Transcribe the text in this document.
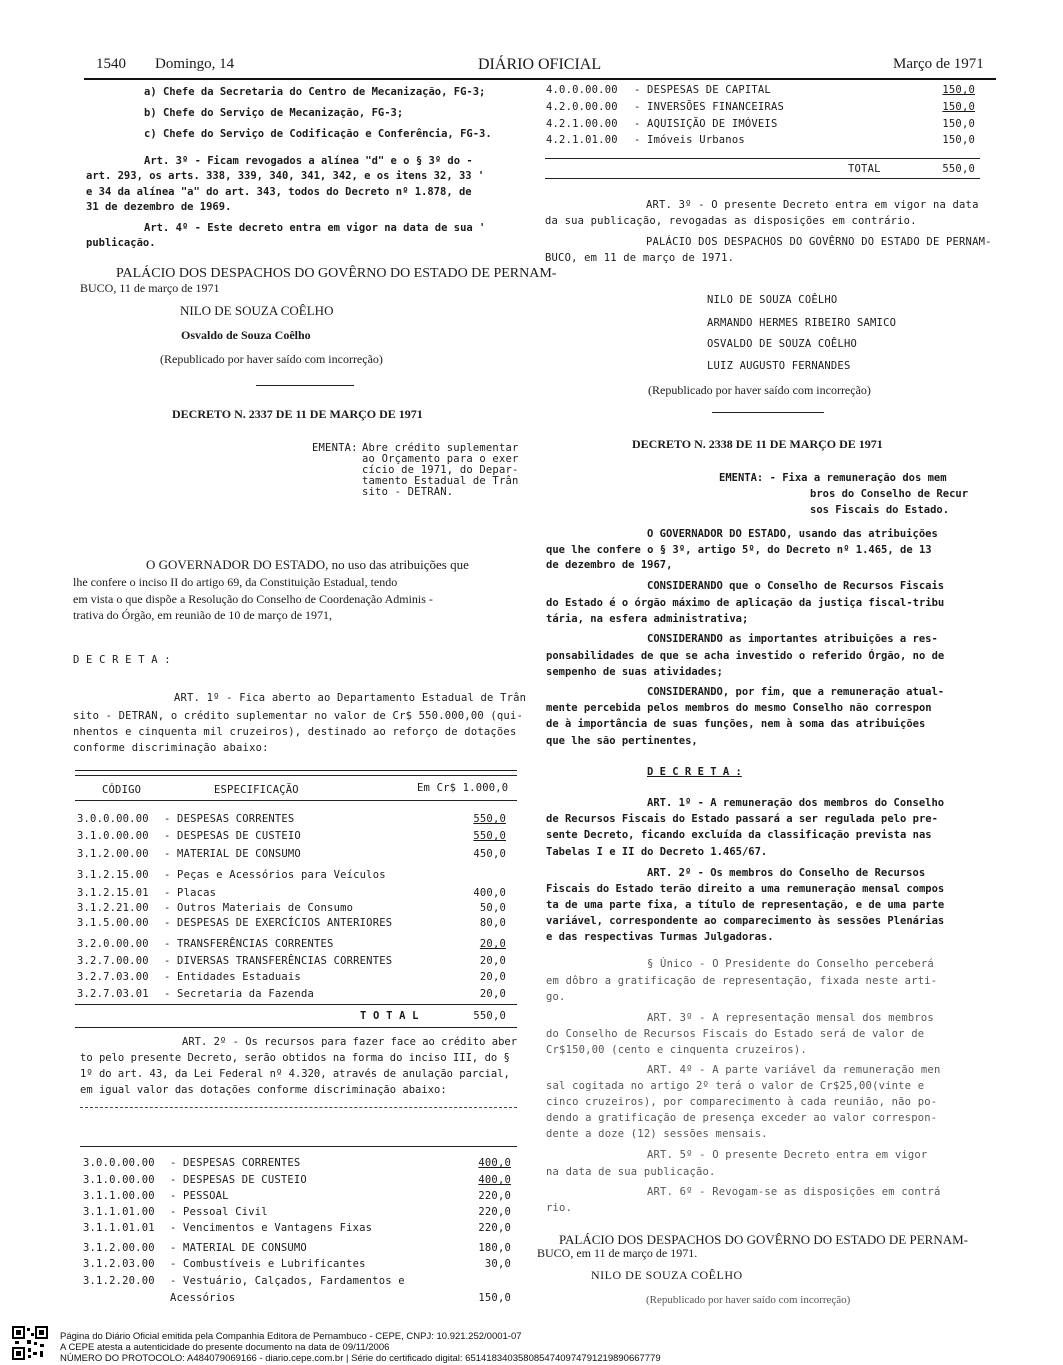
1540 Domingo, 14	DIÁRIO OFICIAL	Março de 1971
a) Chefe da Secretaria do Centro de Mecanização, FG-3;
b) Chefe do Serviço de Mecanização, FG-3;
c) Chefe do Serviço de Codificação e Conferência, FG-3.
Art. 3º - Ficam revogados a alínea "d" e o § 3º do -
art. 293, os arts. 338, 339, 340, 341, 342, e os itens 32, 33 '
e 34 da alínea "a" do art. 343, todos do Decreto nº 1.878, de
31 de dezembro de 1969.
Art. 4º - Este decreto entra em vigor na data de sua '
publicação.
PALÁCIO DOS DESPACHOS DO GOVÊRNO DO ESTADO DE PERNAM-
BUCO, 11 de março de 1971
NILO DE SOUZA COÊLHO
Osvaldo de Souza Coêlho
(Republicado por haver saído com incorreção)
DECRETO N. 2337 DE 11 DE MARÇO DE 1971
EMENTA: Abre crédito suplementar
ao Orçamento para o exer
cício de 1971, do Depar-
tamento Estadual de Trân
sito - DETRAN.
O GOVERNADOR DO ESTADO, no uso das atribuições que
lhe confere o inciso II do artigo 69, da Constituição Estadual, tendo
em vista o que dispõe a Resolução do Conselho de Coordenação Adminis -
trativa do Órgão, em reunião de 10 de março de 1971,
D E C R E T A :
ART. 1º - Fica aberto ao Departamento Estadual de Trân
sito - DETRAN, o crédito suplementar no valor de Cr$ 550.000,00 (qui-
nhentos e cinquenta mil cruzeiros), destinado ao reforço de dotações
conforme discriminação abaixo:
CÓDIGO	ESPECIFICAÇÃO	Em Cr$ 1.000,0
3.0.0.00.00 - DESPESAS CORRENTES	550,0
3.1.0.00.00 - DESPESAS DE CUSTEIO	550,0
3.1.2.00.00 - MATERIAL DE CONSUMO	450,0
3.1.2.15.00 - Peças e Acessórios para Veículos
3.1.2.15.01 - Placas	400,0
3.1.2.21.00 - Outros Materiais de Consumo	50,0
3.1.5.00.00 - DESPESAS DE EXERCÍCIOS ANTERIORES	80,0
3.2.0.00.00 - TRANSFERÊNCIAS CORRENTES	20,0
3.2.7.00.00 - DIVERSAS TRANSFERÊNCIAS CORRENTES	20,0
3.2.7.03.00 - Entidades Estaduais	20,0
3.2.7.03.01 - Secretaria da Fazenda	20,0
T O T A L	550,0
ART. 2º - Os recursos para fazer face ao crédito aber
to pelo presente Decreto, serão obtidos na forma do inciso III, do §
1º do art. 43, da Lei Federal nº 4.320, através de anulação parcial,
em igual valor das dotações conforme discriminação abaixo:
3.0.0.00.00 - DESPESAS CORRENTES	400,0
3.1.0.00.00 - DESPESAS DE CUSTEIO	400,0
3.1.1.00.00 - PESSOAL	220,0
3.1.1.01.00 - Pessoal Civil	220,0
3.1.1.01.01 - Vencimentos e Vantagens Fixas	220,0
3.1.2.00.00 - MATERIAL DE CONSUMO	180,0
3.1.2.03.00 - Combustíveis e Lubrificantes	30,0
3.1.2.20.00 - Vestuário, Calçados, Fardamentos e
Acessórios	150,0
4.0.0.00.00 - DESPESAS DE CAPITAL	150,0
4.2.0.00.00 - INVERSÕES FINANCEIRAS	150,0
4.2.1.00.00 - AQUISIÇÃO DE IMÓVEIS	150,0
4.2.1.01.00 - Imóveis Urbanos	150,0
TOTAL	550,0
ART. 3º - O presente Decreto entra em vigor na data
da sua publicação, revogadas as disposições em contrário.
PALÁCIO DOS DESPACHOS DO GOVÊRNO DO ESTADO DE PERNAM-
BUCO, em 11 de março de 1971.
NILO DE SOUZA COÊLHO
ARMANDO HERMES RIBEIRO SAMICO
OSVALDO DE SOUZA COÊLHO
LUIZ AUGUSTO FERNANDES
(Republicado por haver saído com incorreção)
DECRETO N. 2338 DE 11 DE MARÇO DE 1971
EMENTA: - Fixa a remuneração dos mem
bros do Conselho de Recur
sos Fiscais do Estado.
O GOVERNADOR DO ESTADO, usando das atribuições
que lhe confere o § 3º, artigo 5º, do Decreto nº 1.465, de 13
de dezembro de 1967,
CONSIDERANDO que o Conselho de Recursos Fiscais
do Estado é o órgão máximo de aplicação da justiça fiscal-tribu
tária, na esfera administrativa;
CONSIDERANDO as importantes atribuições a res-
ponsabilidades de que se acha investido o referido Órgão, no de
sempenho de suas atividades;
CONSIDERANDO, por fim, que a remuneração atual-
mente percebida pelos membros do mesmo Conselho não correspon
de à importância de suas funções, nem à soma das atribuições
que lhe são pertinentes,
D E C R E T A :
ART. 1º - A remuneração dos membros do Conselho
de Recursos Fiscais do Estado passará a ser regulada pelo pre-
sente Decreto, ficando excluída da classificação prevista nas
Tabelas I e II do Decreto 1.465/67.
ART. 2º - Os membros do Conselho de Recursos
Fiscais do Estado terão direito a uma remuneração mensal compos
ta de uma parte fixa, a título de representação, e de uma parte
variável, correspondente ao comparecimento às sessões Plenárias
e das respectivas Turmas Julgadoras.
§ Único - O Presidente do Conselho perceberá
em dôbro a gratificação de representação, fixada neste arti-
go.
ART. 3º - A representação mensal dos membros
do Conselho de Recursos Fiscais do Estado será de valor de
Cr$150,00 (cento e cinquenta cruzeiros).
ART. 4º - A parte variável da remuneração men
sal cogitada no artigo 2º terá o valor de Cr$25,00(vinte e
cinco cruzeiros), por comparecimento à cada reunião, não po-
dendo a gratificação de presença exceder ao valor correspon-
dente a doze (12) sessões mensais.
ART. 5º - O presente Decreto entra em vigor
na data de sua publicação.
ART. 6º - Revogam-se as disposições em contrá
rio.
PALÁCIO DOS DESPACHOS DO GOVÊRNO DO ESTADO DE PERNAM-
BUCO, em 11 de março de 1971.
NILO DE SOUZA COÊLHO
(Republicado por haver saído com incorreção)
Página do Diário Oficial emitida pela Companhia Editora de Pernambuco - CEPE, CNPJ: 10.921.252/0001-07
A CEPE atesta a autenticidade do presente documento na data de 09/11/2006
NÚMERO DO PROTOCOLO: A484079069166 - diario.cepe.com.br | Série do certificado digital: 6514183403580854740974791219890667779
